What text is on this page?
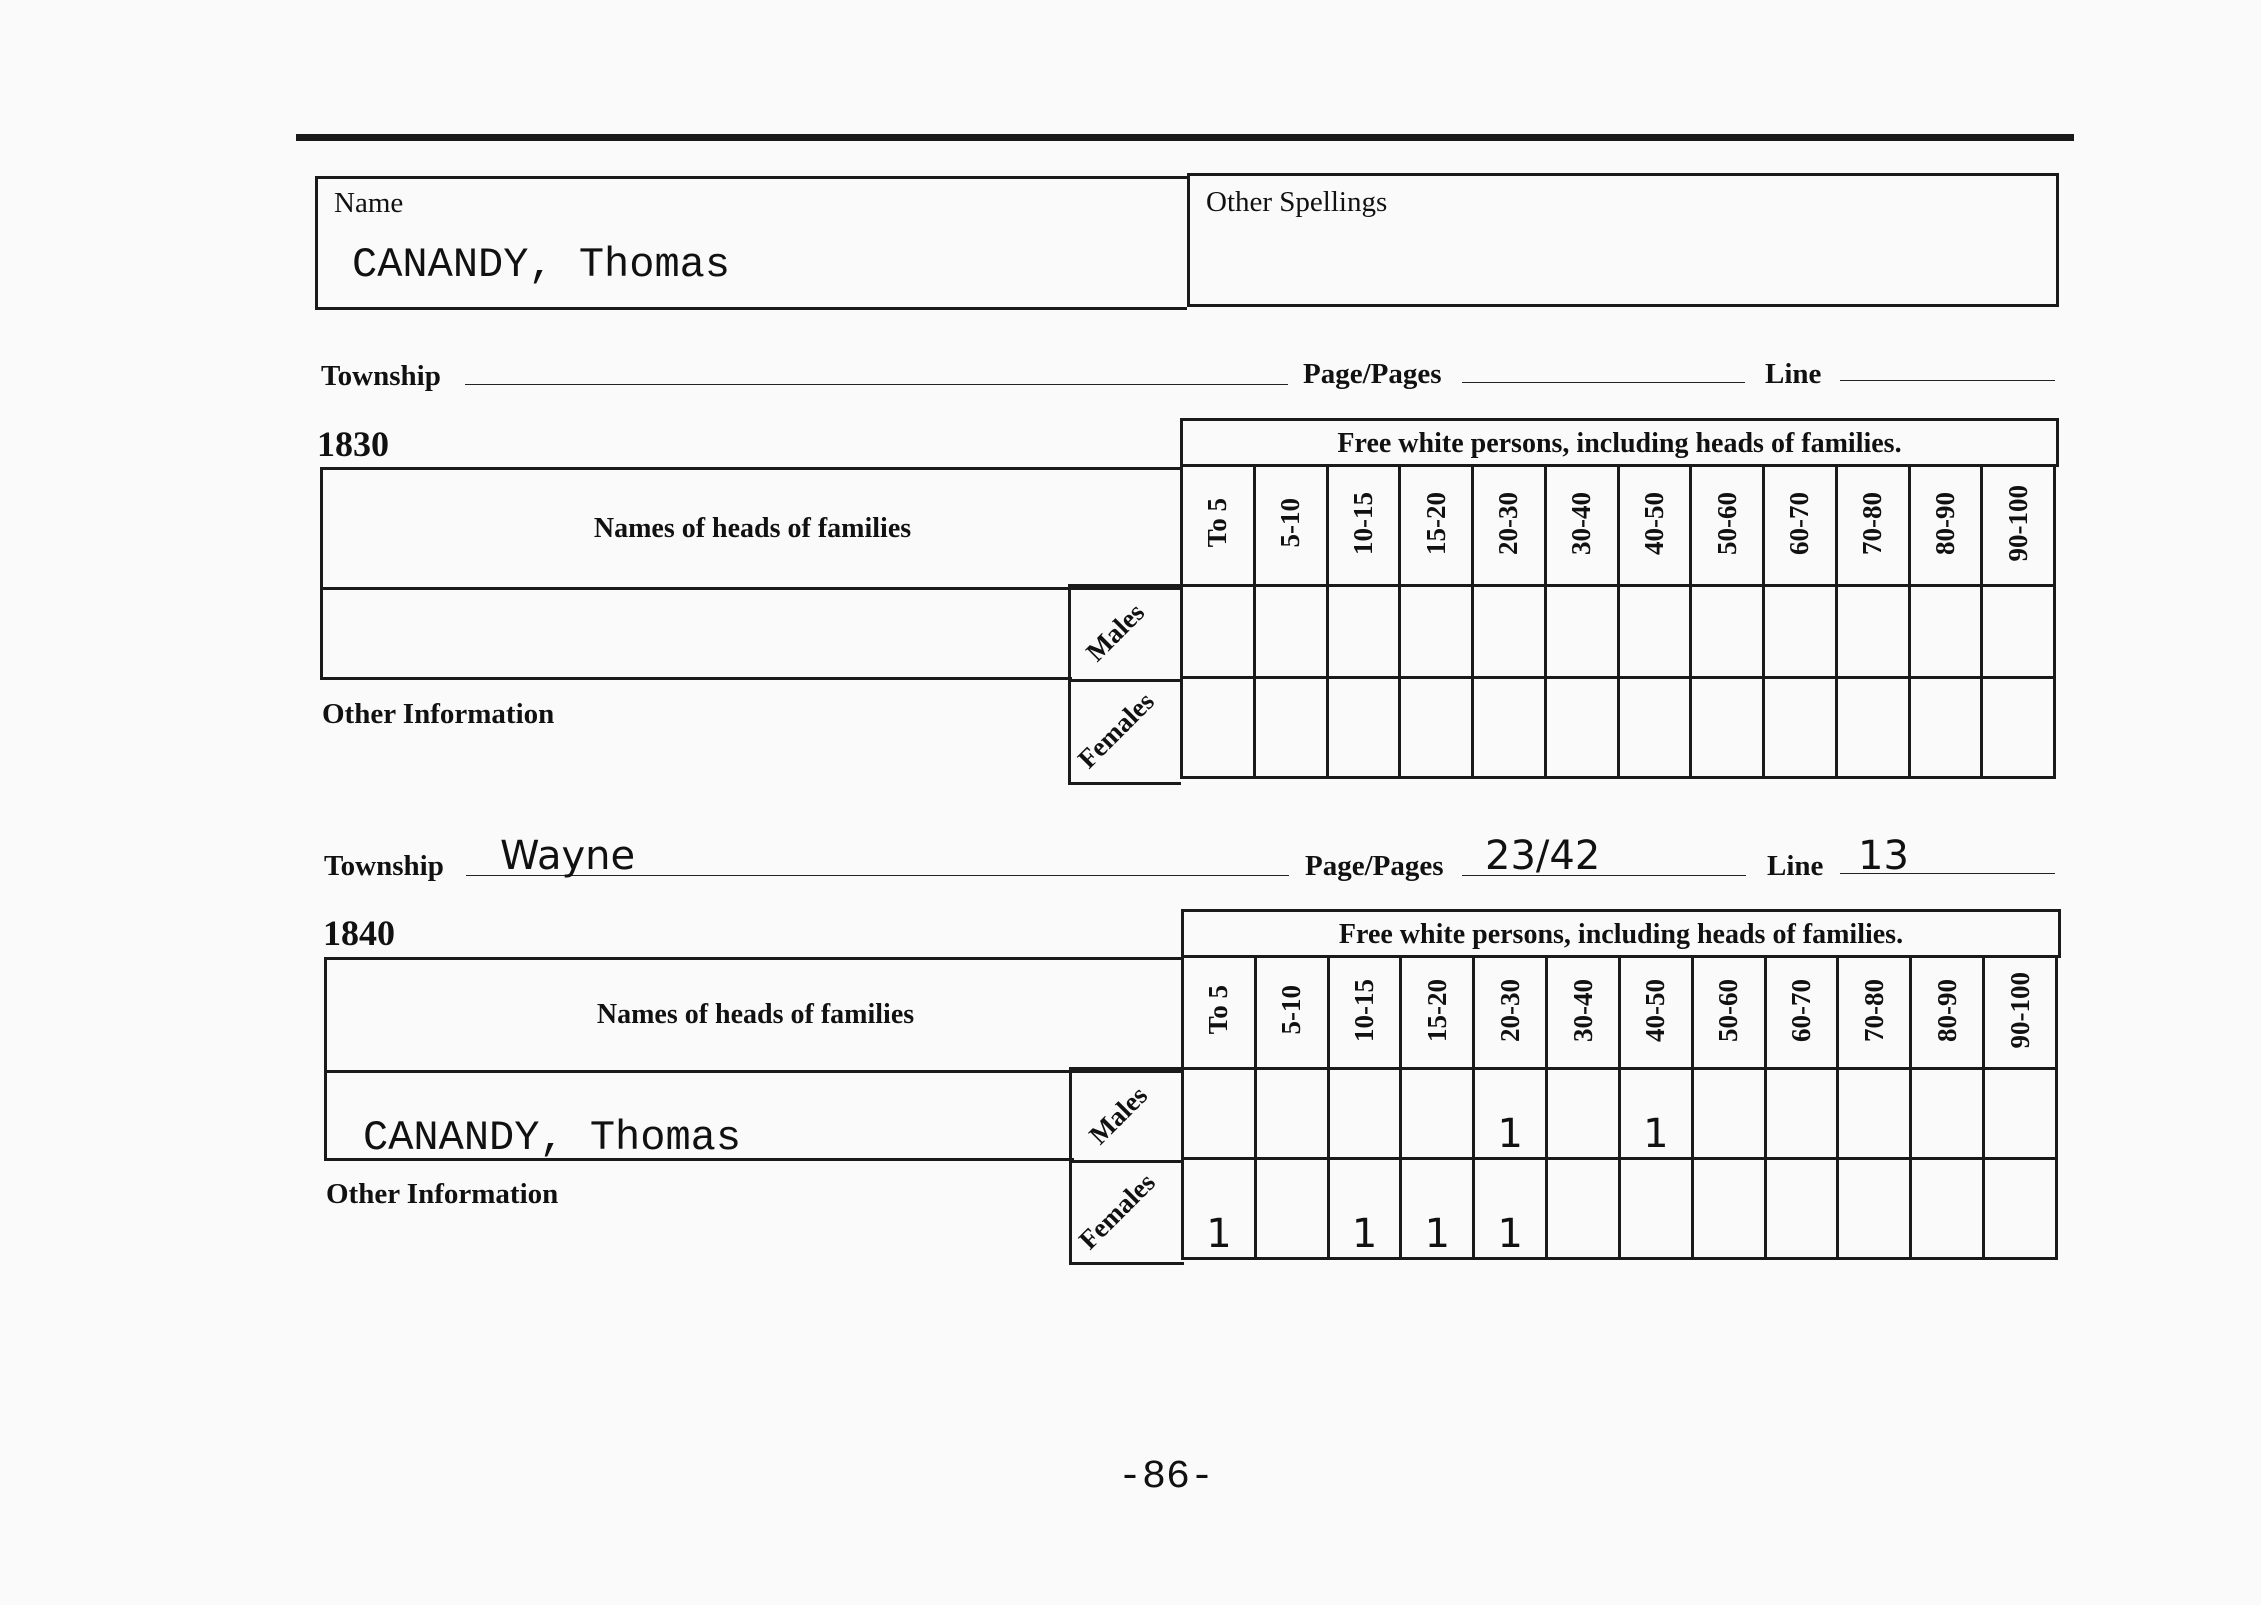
Name
CANANDY, Thomas
Other Spellings
Township	Page/Pages	Line
1830	Free white persons, including heads of families.
Names of heads of families
Other Information
Males
Females
To 5	5-10	10-15	15-20	20-30	30-40	40-50	50-60	60-70	70-80	80-90	90-100

Township Wayne	Page/Pages 23/42	Line 13
1840	Free white persons, including heads of families.
Names of heads of families
CANANDY, Thomas
Other Information
Males
Females
To 5	5-10	10-15	15-20	20-30	30-40	40-50	50-60	60-70	70-80	80-90	90-100
				1		1					
1		1	1	1							
-86-
